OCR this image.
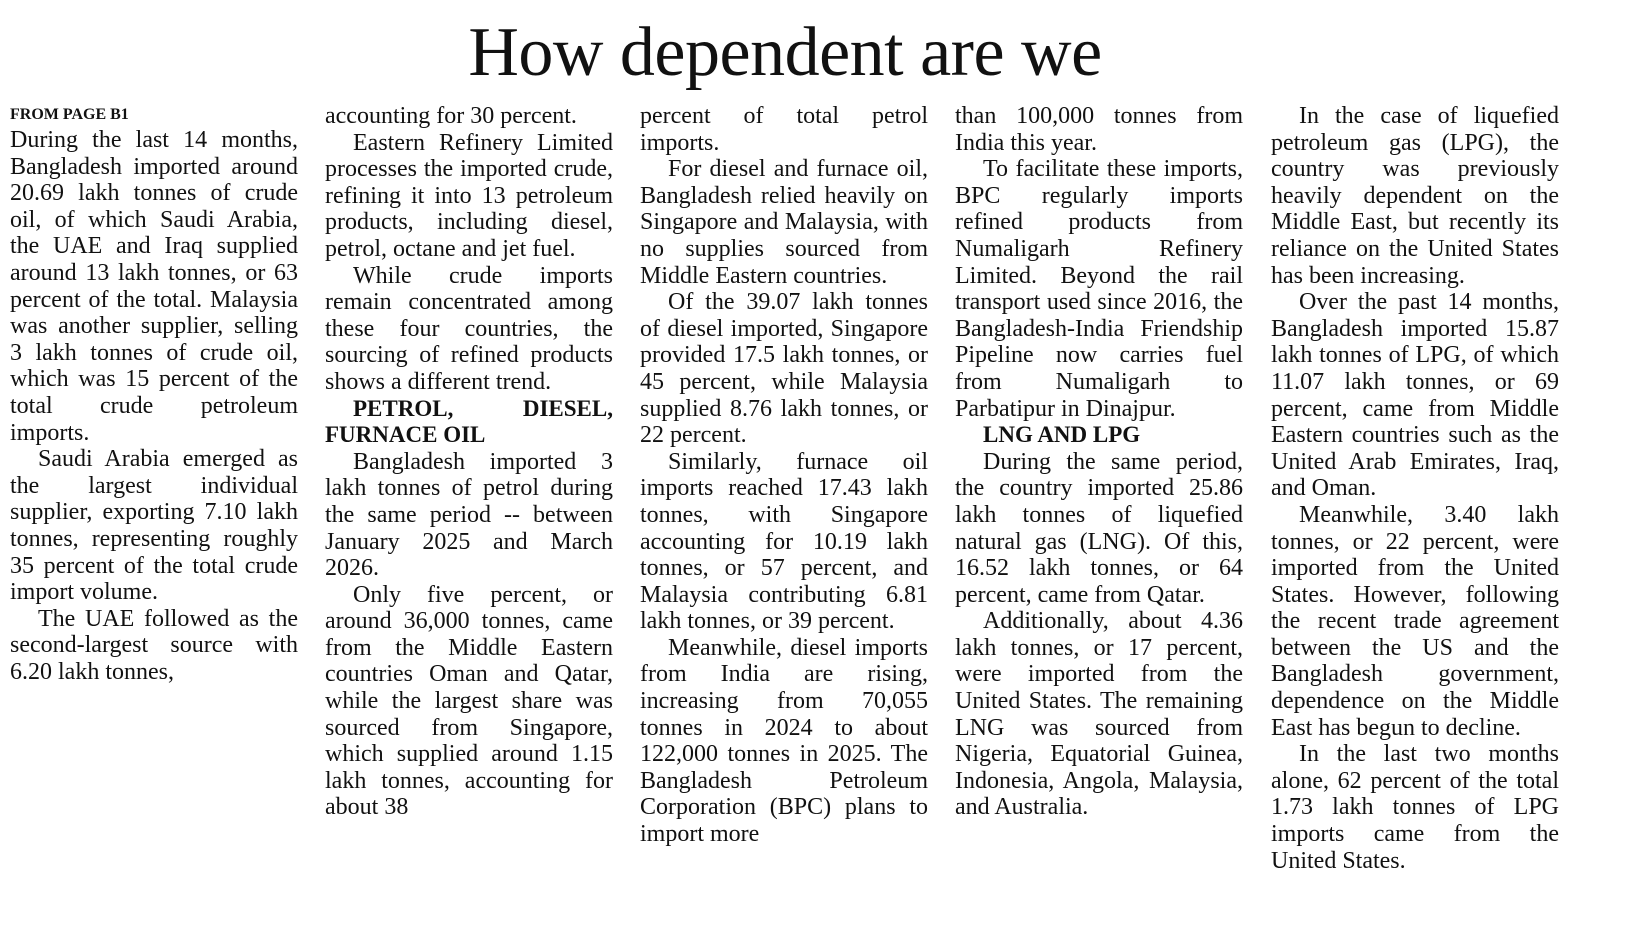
How dependent are we
FROM PAGE B1

During the last 14 months, Bangladesh imported around 20.69 lakh tonnes of crude oil, of which Saudi Arabia, the UAE and Iraq supplied around 13 lakh tonnes, or 63 percent of the total. Malaysia was another supplier, selling 3 lakh tonnes of crude oil, which was 15 percent of the total crude petroleum imports.

Saudi Arabia emerged as the largest individual supplier, exporting 7.10 lakh tonnes, representing roughly 35 percent of the total crude import volume.

The UAE followed as the second-largest source with 6.20 lakh tonnes,

accounting for 30 percent.

Eastern Refinery Limited processes the imported crude, refining it into 13 petroleum products, including diesel, petrol, octane and jet fuel.

While crude imports remain concentrated among these four countries, the sourcing of refined products shows a different trend.

PETROL, DIESEL, FURNACE OIL

Bangladesh imported 3 lakh tonnes of petrol during the same period -- between January 2025 and March 2026.

Only five percent, or around 36,000 tonnes, came from the Middle Eastern countries Oman and Qatar, while the largest share was sourced from Singapore, which supplied around 1.15 lakh tonnes, accounting for about 38

percent of total petrol imports.

For diesel and furnace oil, Bangladesh relied heavily on Singapore and Malaysia, with no supplies sourced from Middle Eastern countries.

Of the 39.07 lakh tonnes of diesel imported, Singapore provided 17.5 lakh tonnes, or 45 percent, while Malaysia supplied 8.76 lakh tonnes, or 22 percent.

Similarly, furnace oil imports reached 17.43 lakh tonnes, with Singapore accounting for 10.19 lakh tonnes, or 57 percent, and Malaysia contributing 6.81 lakh tonnes, or 39 percent.

Meanwhile, diesel imports from India are rising, increasing from 70,055 tonnes in 2024 to about 122,000 tonnes in 2025. The Bangladesh Petroleum Corporation (BPC) plans to import more

than 100,000 tonnes from India this year.

To facilitate these imports, BPC regularly imports refined products from Numaligarh Refinery Limited. Beyond the rail transport used since 2016, the Bangladesh-India Friendship Pipeline now carries fuel from Numaligarh to Parbatipur in Dinajpur.

LNG AND LPG

During the same period, the country imported 25.86 lakh tonnes of liquefied natural gas (LNG). Of this, 16.52 lakh tonnes, or 64 percent, came from Qatar.

Additionally, about 4.36 lakh tonnes, or 17 percent, were imported from the United States. The remaining LNG was sourced from Nigeria, Equatorial Guinea, Indonesia, Angola, Malaysia, and Australia.

In the case of liquefied petroleum gas (LPG), the country was previously heavily dependent on the Middle East, but recently its reliance on the United States has been increasing.

Over the past 14 months, Bangladesh imported 15.87 lakh tonnes of LPG, of which 11.07 lakh tonnes, or 69 percent, came from Middle Eastern countries such as the United Arab Emirates, Iraq, and Oman.

Meanwhile, 3.40 lakh tonnes, or 22 percent, were imported from the United States. However, following the recent trade agreement between the US and the Bangladesh government, dependence on the Middle East has begun to decline.

In the last two months alone, 62 percent of the total 1.73 lakh tonnes of LPG imports came from the United States.
